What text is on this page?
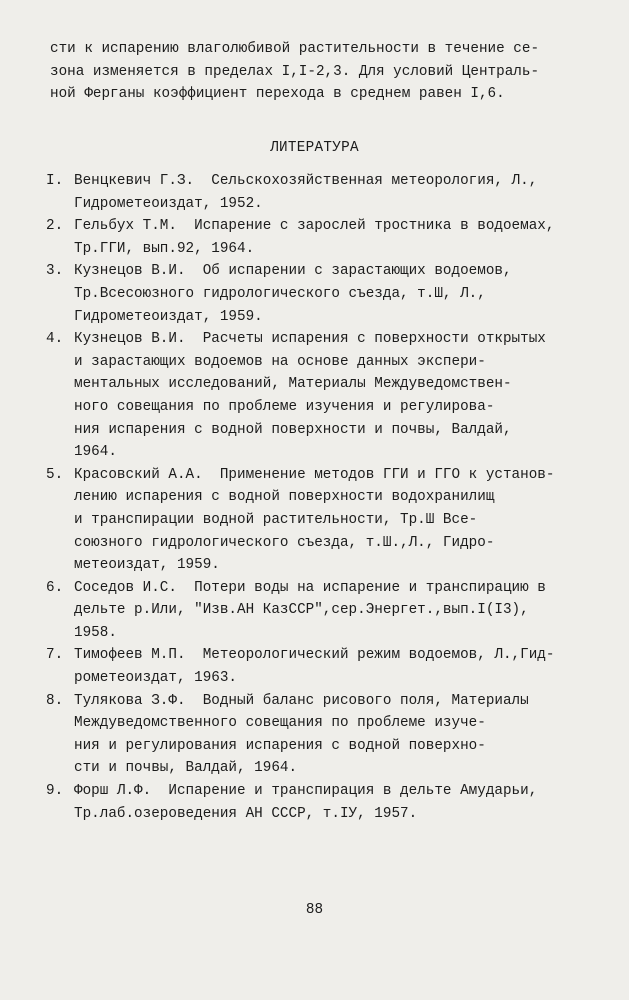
сти к испарению влаголюбивой растительности в течение се-
зона изменяется в пределах I,I-2,3. Для условий Централь-
ной Ферганы коэффициент перехода в среднем равен I,6.
ЛИТЕРАТУРА
I. Венцкевич Г.З.  Сельскохозяйственная метеорология, Л.,
Гидрометеоиздат, 1952.
2. Гельбух Т.М.  Испарение с зарослей тростника в водоемах,
Тр.ГГИ, вып.92, 1964.
3. Кузнецов В.И.  Об испарении с зарастающих водоемов,
Тр.Всесоюзного гидрологического съезда, т.Ш, Л.,
Гидрометеоиздат, 1959.
4. Кузнецов В.И.  Расчеты испарения с поверхности открытых
и зарастающих водоемов на основе данных экспери-
ментальных исследований, Материалы Междуведомствен-
ного совещания по проблеме изучения и регулирова-
ния испарения с водной поверхности и почвы, Валдай,
1964.
5. Красовский А.А.  Применение методов ГГИ и ГГО к установ-
лению испарения с водной поверхности водохранилищ
и транспирации водной растительности, Тр.Ш Все-
союзного гидрологического съезда, т.Ш.,Л., Гидро-
метеоиздат, 1959.
6. Соседов И.С.  Потери воды на испарение и транспирацию в
дельте р.Или, "Изв.АН КазССР",сер.Энергет.,вып.I(I3),
1958.
7. Тимофеев М.П.  Метеорологический режим водоемов, Л.,Гид-
рометеоиздат, 1963.
8. Тулякова З.Ф.  Водный баланс рисового поля, Материалы
Междуведомственного совещания по проблеме изуче-
ния и регулирования испарения с водной поверхно-
сти и почвы, Валдай, 1964.
9. Форш Л.Ф.  Испарение и транспирация в дельте Амударьи,
Тр.лаб.озероведения АН СССР, т.IУ, 1957.
88
